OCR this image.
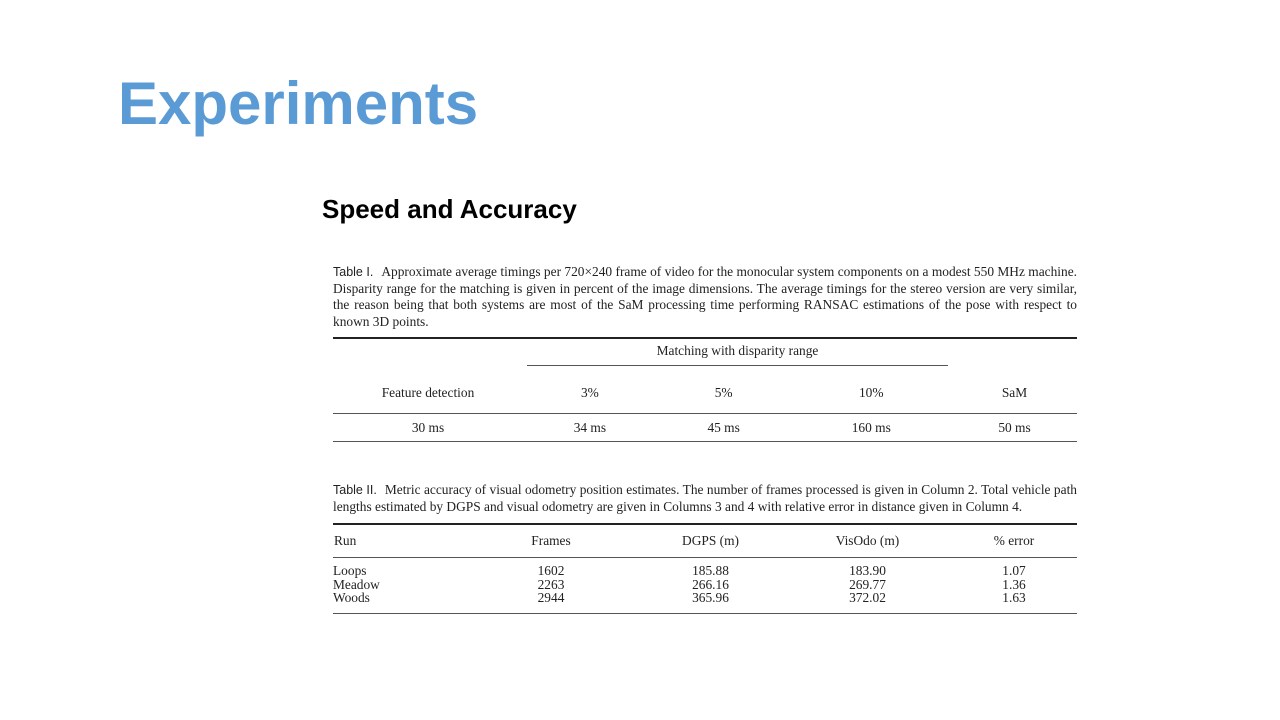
Experiments
Speed and Accuracy

Table I. Approximate average timings per 720×240 frame of video for the monocular system components on a modest 550 MHz machine. Disparity range for the matching is given in percent of the image dimensions. The average timings for the stereo version are very similar, the reason being that both systems are most of the SaM processing time performing RANSAC estimations of the pose with respect to known 3D points.

	Matching with disparity range			

Feature detection	3%	5%	10%	SaM
30 ms	34 ms	45 ms	160 ms	50 ms

Table II. Metric accuracy of visual odometry position estimates. The number of frames processed is given in Column 2. Total vehicle path lengths estimated by DGPS and visual odometry are given in Columns 3 and 4 with relative error in distance given in Column 4.

Run	Frames	DGPS (m)	VisOdo (m)	% error
Loops	1602	185.88	183.90	1.07
Meadow	2263	266.16	269.77	1.36
Woods	2944	365.96	372.02	1.63
